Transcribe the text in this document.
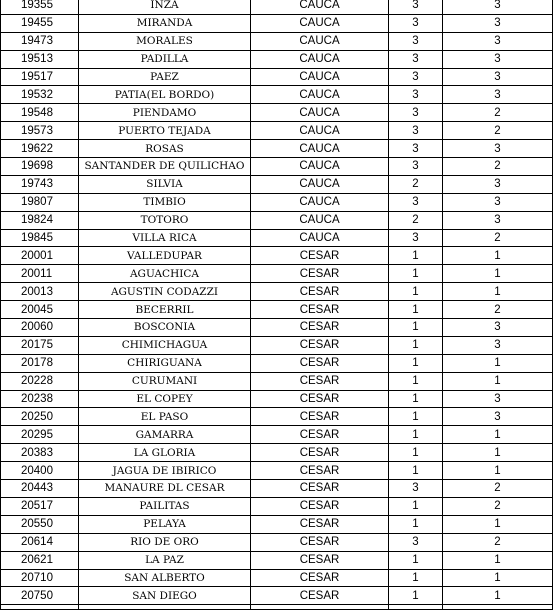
19355	INZA	CAUCA	3	3
19455	MIRANDA	CAUCA	3	3
19473	MORALES	CAUCA	3	3
19513	PADILLA	CAUCA	3	3
19517	PAEZ	CAUCA	3	3
19532	PATIA(EL BORDO)	CAUCA	3	3
19548	PIENDAMO	CAUCA	3	2
19573	PUERTO TEJADA	CAUCA	3	2
19622	ROSAS	CAUCA	3	3
19698	SANTANDER DE QUILICHAO	CAUCA	3	2
19743	SILVIA	CAUCA	2	3
19807	TIMBIO	CAUCA	3	3
19824	TOTORO	CAUCA	2	3
19845	VILLA RICA	CAUCA	3	2
20001	VALLEDUPAR	CESAR	1	1
20011	AGUACHICA	CESAR	1	1
20013	AGUSTIN CODAZZI	CESAR	1	1
20045	BECERRIL	CESAR	1	2
20060	BOSCONIA	CESAR	1	3
20175	CHIMICHAGUA	CESAR	1	3
20178	CHIRIGUANA	CESAR	1	1
20228	CURUMANI	CESAR	1	1
20238	EL COPEY	CESAR	1	3
20250	EL PASO	CESAR	1	3
20295	GAMARRA	CESAR	1	1
20383	LA GLORIA	CESAR	1	1
20400	JAGUA DE IBIRICO	CESAR	1	1
20443	MANAURE DL CESAR	CESAR	3	2
20517	PAILITAS	CESAR	1	2
20550	PELAYA	CESAR	1	1
20614	RIO DE ORO	CESAR	3	2
20621	LA PAZ	CESAR	1	1
20710	SAN ALBERTO	CESAR	1	1
20750	SAN DIEGO	CESAR	1	1
